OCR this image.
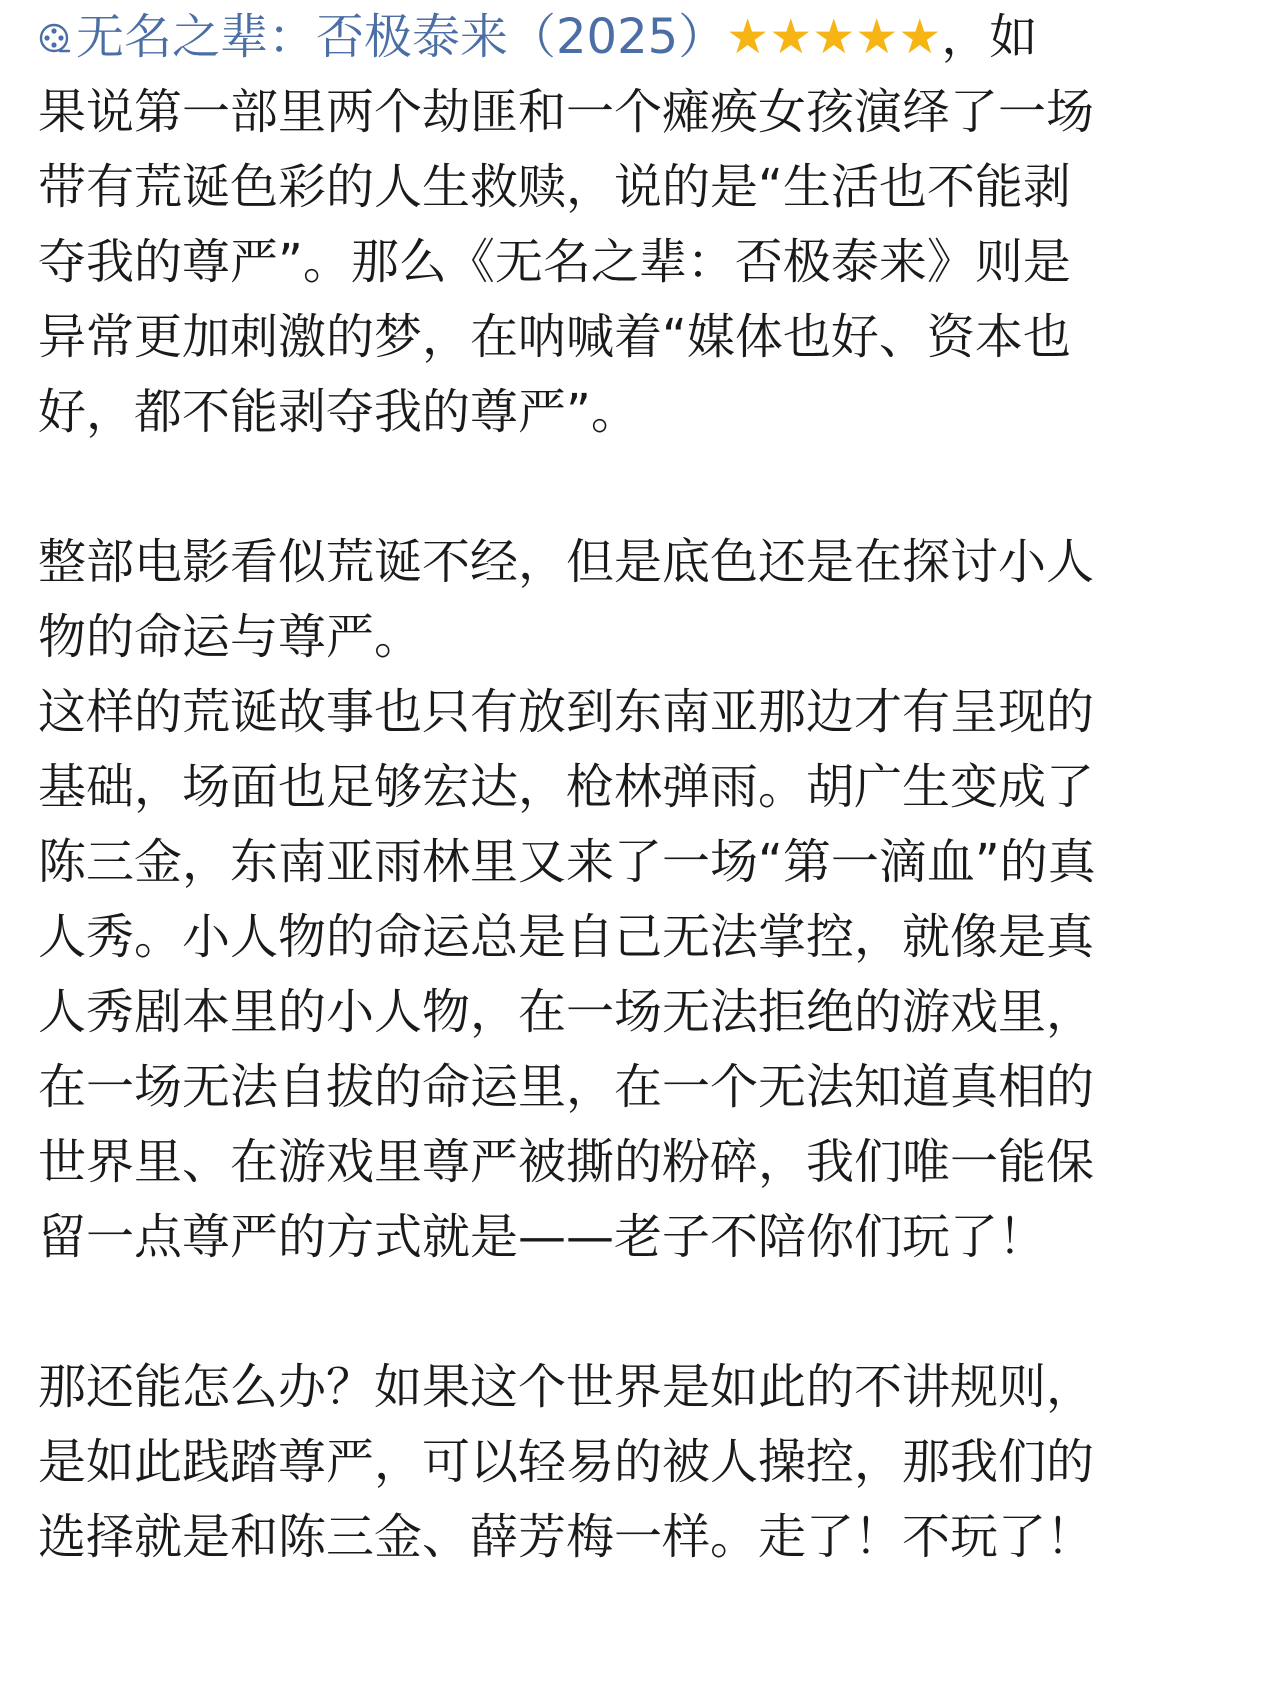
无名之辈：否极泰来（2025）★★★★★，如
果说第一部里两个劫匪和一个瘫痪女孩演绎了一场
带有荒诞色彩的人生救赎，说的是“生活也不能剥
夺我的尊严”。那么《无名之辈：否极泰来》则是
异常更加刺激的梦，在呐喊着“媒体也好、资本也
好，都不能剥夺我的尊严”。
整部电影看似荒诞不经，但是底色还是在探讨小人
物的命运与尊严。
这样的荒诞故事也只有放到东南亚那边才有呈现的
基础，场面也足够宏达，枪林弹雨。胡广生变成了
陈三金，东南亚雨林里又来了一场“第一滴血”的真
人秀。小人物的命运总是自己无法掌控，就像是真
人秀剧本里的小人物，在一场无法拒绝的游戏里，
在一场无法自拔的命运里，在一个无法知道真相的
世界里、在游戏里尊严被撕的粉碎，我们唯一能保
留一点尊严的方式就是——老子不陪你们玩了！
那还能怎么办？如果这个世界是如此的不讲规则，
是如此践踏尊严，可以轻易的被人操控，那我们的
选择就是和陈三金、薛芳梅一样。走了！不玩了！
